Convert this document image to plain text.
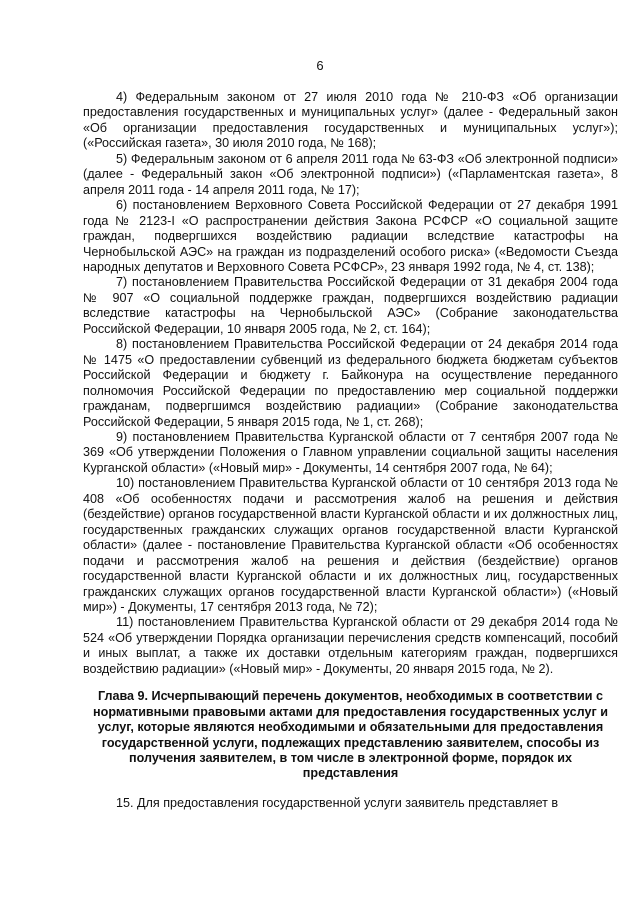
6

4) Федеральным законом от 27 июля 2010 года № 210-ФЗ «Об организации предоставления государственных и муниципальных услуг» (далее - Федеральный закон «Об организации предоставления государственных и муниципальных услуг»); («Российская газета», 30 июля 2010 года, № 168);

5) Федеральным законом от 6 апреля 2011 года № 63-ФЗ «Об электронной подписи» (далее - Федеральный закон «Об электронной подписи») («Парламентская газета», 8 апреля 2011 года - 14 апреля 2011 года, № 17);

6) постановлением Верховного Совета Российской Федерации от 27 декабря 1991 года № 2123-I «О распространении действия Закона РСФСР «О социальной защите граждан, подвергшихся воздействию радиации вследствие катастрофы на Чернобыльской АЭС» на граждан из подразделений особого риска» («Ведомости Съезда народных депутатов и Верховного Совета РСФСР», 23 января 1992 года, № 4, ст. 138);

7) постановлением Правительства Российской Федерации от 31 декабря 2004 года № 907 «О социальной поддержке граждан, подвергшихся воздействию радиации вследствие катастрофы на Чернобыльской АЭС» (Собрание законодательства Российской Федерации, 10 января 2005 года, № 2, ст. 164);

8) постановлением Правительства Российской Федерации от 24 декабря 2014 года № 1475 «О предоставлении субвенций из федерального бюджета бюджетам субъектов Российской Федерации и бюджету г. Байконура на осуществление переданного полномочия Российской Федерации по предоставлению мер социальной поддержки гражданам, подвергшимся воздействию радиации» (Собрание законодательства Российской Федерации, 5 января 2015 года, № 1, ст. 268);

9) постановлением Правительства Курганской области от 7 сентября 2007 года № 369 «Об утверждении Положения о Главном управлении социальной защиты населения Курганской области» («Новый мир» - Документы, 14 сентября 2007 года, № 64);

10) постановлением Правительства Курганской области от 10 сентября 2013 года № 408 «Об особенностях подачи и рассмотрения жалоб на решения и действия (бездействие) органов государственной власти Курганской области и их должностных лиц, государственных гражданских служащих органов государственной власти Курганской области» (далее - постановление Правительства Курганской области «Об особенностях подачи и рассмотрения жалоб на решения и действия (бездействие) органов государственной власти Курганской области и их должностных лиц, государственных гражданских служащих органов государственной власти Курганской области») («Новый мир») - Документы, 17 сентября 2013 года, № 72);

11) постановлением Правительства Курганской области от 29 декабря 2014 года № 524 «Об утверждении Порядка организации перечисления средств компенсаций, пособий и иных выплат, а также их доставки отдельным категориям граждан, подвергшихся воздействию радиации» («Новый мир» - Документы, 20 января 2015 года, № 2).

Глава 9. Исчерпывающий перечень документов, необходимых в соответствии с нормативными правовыми актами для предоставления государственных услуг и услуг, которые являются необходимыми и обязательными для предоставления государственной услуги, подлежащих представлению заявителем, способы из получения заявителем, в том числе в электронной форме, порядок их представления

15. Для предоставления государственной услуги заявитель представляет в
